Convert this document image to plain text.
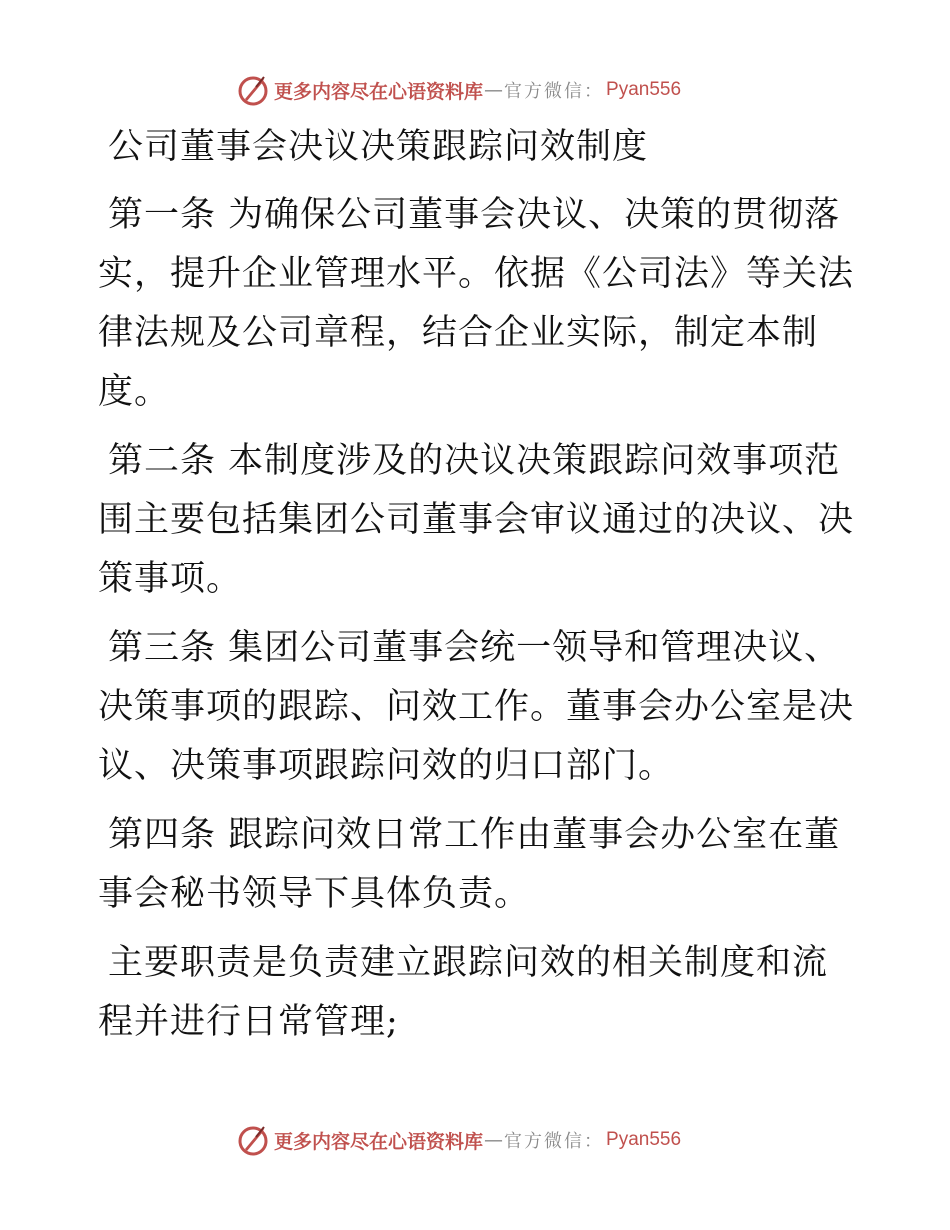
更多内容尽在心语资料库 — 官方微信： Pyan556
公司董事会决议决策跟踪问效制度

第一条 为确保公司董事会决议、决策的贯彻落实，提升企业管理水平。依据《公司法》等关法律法规及公司章程，结合企业实际，制定本制度。

第二条 本制度涉及的决议决策跟踪问效事项范围主要包括集团公司董事会审议通过的决议、决策事项。

第三条 集团公司董事会统一领导和管理决议、决策事项的跟踪、问效工作。董事会办公室是决议、决策事项跟踪问效的归口部门。

第四条 跟踪问效日常工作由董事会办公室在董事会秘书领导下具体负责。

主要职责是负责建立跟踪问效的相关制度和流程并进行日常管理;

更多内容尽在心语资料库 — 官方微信： Pyan556
